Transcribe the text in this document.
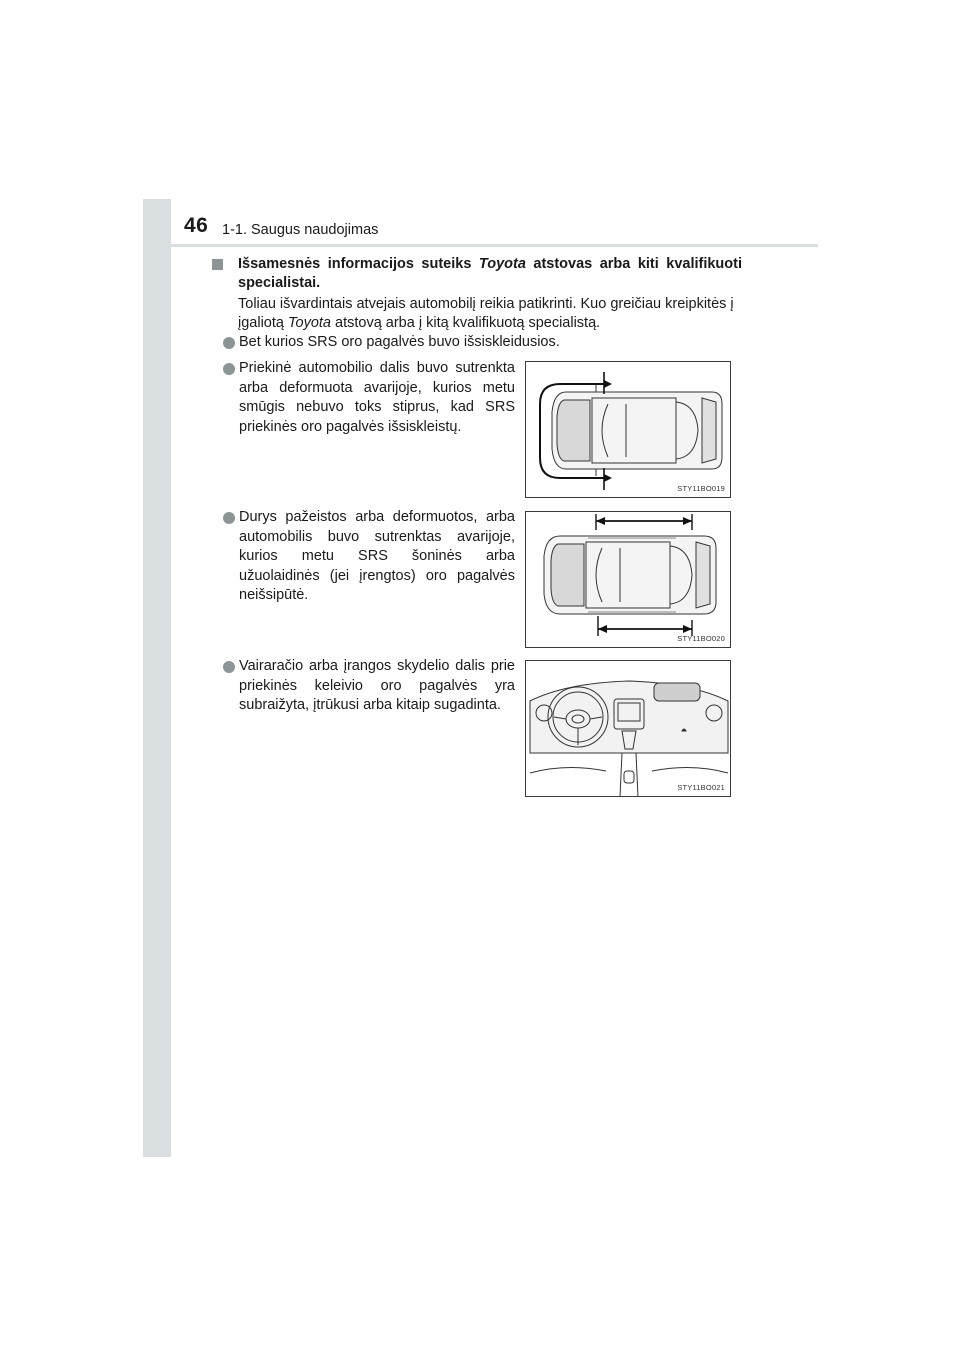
46 1-1. Saugus naudojimas
Išsamesnės informacijos suteiks Toyota atstovas arba kiti kvalifikuoti specialistai.
Toliau išvardintais atvejais automobilį reikia patikrinti. Kuo greičiau kreipkitės į įgaliotą Toyota atstovą arba į kitą kvalifikuotą specialistą.
Bet kurios SRS oro pagalvės buvo išsiskleidusios.
Priekinė automobilio dalis buvo sutrenkta arba deformuota avarijoje, kurios metu smūgis nebuvo toks stiprus, kad SRS priekinės oro pagalvės išsiskleistų.
Durys pažeistos arba deformuotos, arba automobilis buvo sutrenktas avarijoje, kurios metu SRS šoninės arba užuolaidinės (jei įrengtos) oro pagalvės neišsipūtė.
Vairaračio arba įrangos skydelio dalis prie priekinės keleivio oro pagalvės yra subraižyta, įtrūkusi arba kitaip sugadinta.
STY11BO019
STY11BO020
STY11BO021
